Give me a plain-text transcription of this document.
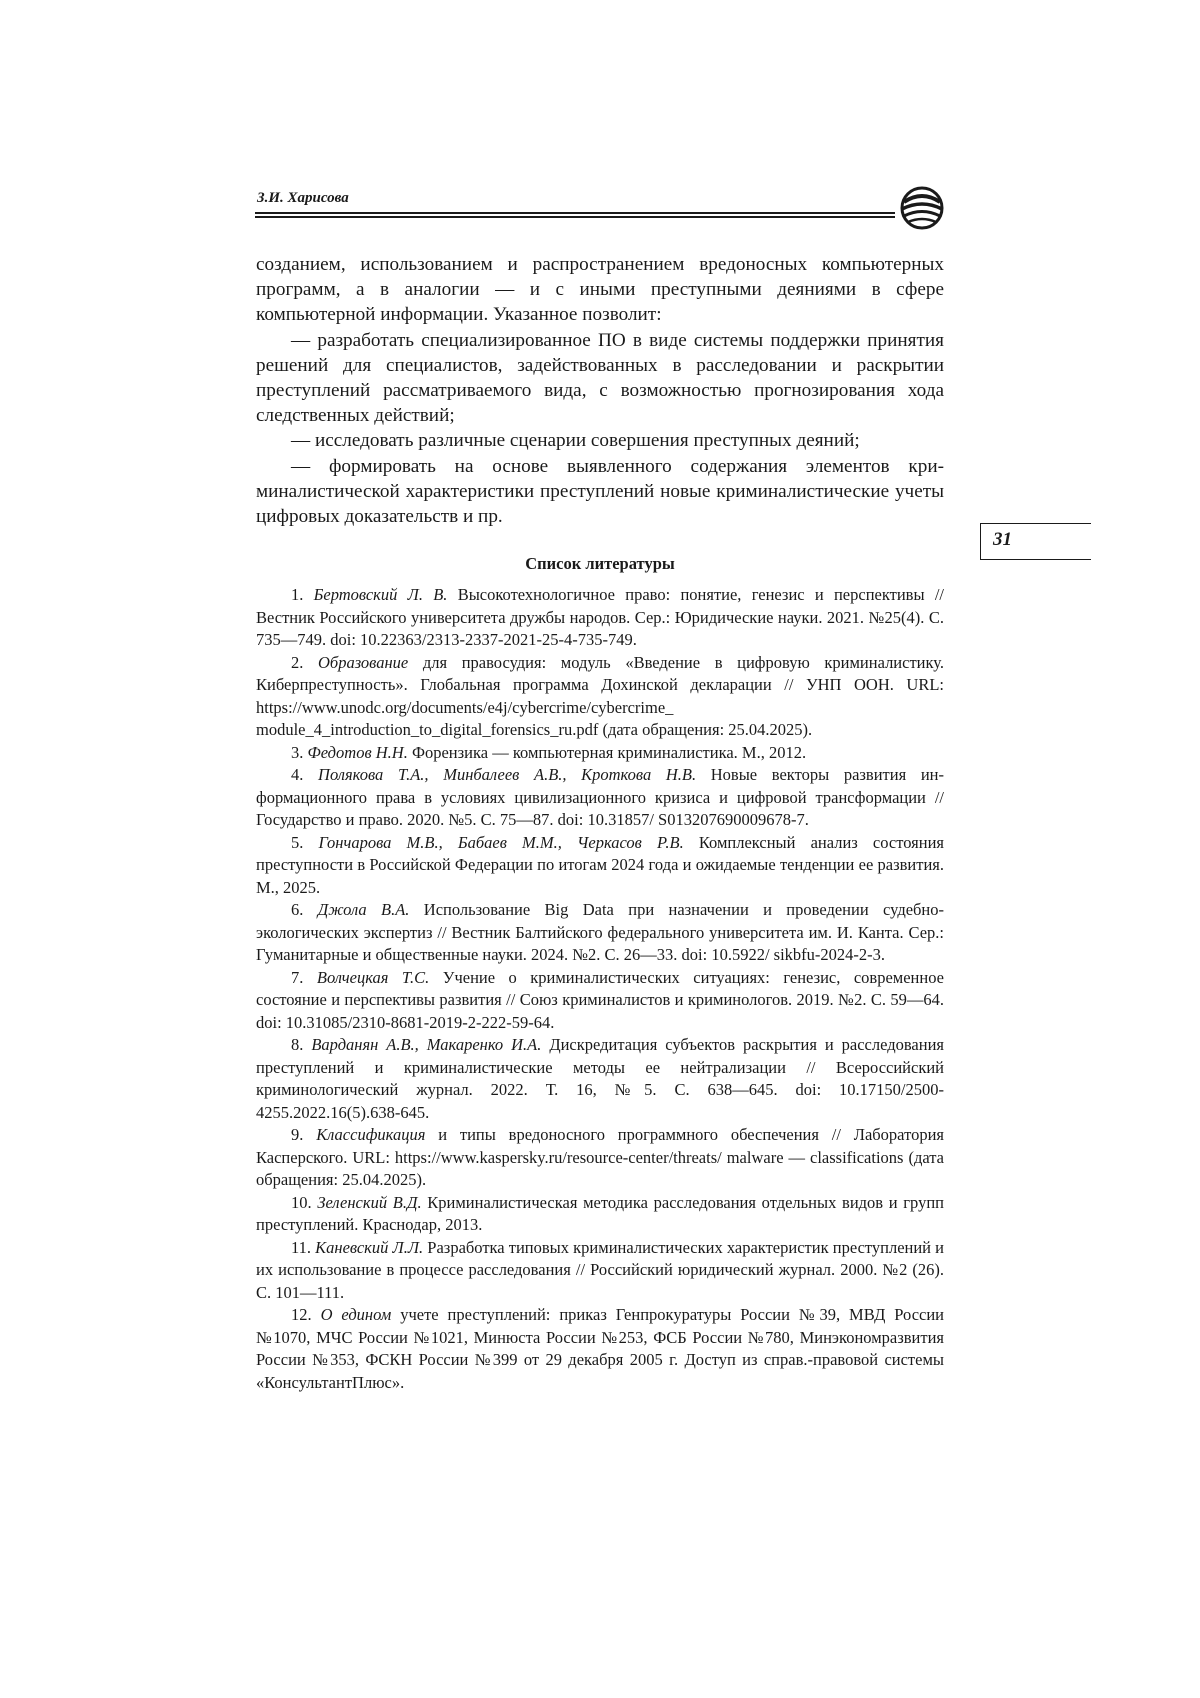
З.И. Харисова

созданием, использованием и распространением вредоносных компьютерных программ, а в аналогии — и с иными преступными деяниями в сфере компьютерной информации. Указанное позволит:

— разработать специализированное ПО в виде системы поддержки принятия решений для специалистов, задействованных в расследовании и раскрытии преступлений рассматриваемого вида, с возможностью прогнозирования хода следственных действий;

— исследовать различные сценарии совершения преступных деяний;

— формировать на основе выявленного содержания элементов криминалистической характеристики преступлений новые криминалистические учеты цифровых доказательств и пр.

31
Список литературы

1. Бертовский Л. В. Высокотехнологичное право: понятие, генезис и перспективы // Вестник Российского университета дружбы народов. Сер.: Юридические науки. 2021. №25(4). С. 735—749. doi: 10.22363/2313-2337-2021-25-4-735-749.

2. Образование для правосудия: модуль «Введение в цифровую криминалистику. Киберпреступность». Глобальная программа Дохинской декларации // УНП ООН. URL: https://www.unodc.org/documents/e4j/cybercrime/cybercrime_ module_4_introduction_to_digital_forensics_ru.pdf (дата обращения: 25.04.2025).

3. Федотов Н.Н. Форензика — компьютерная криминалистика. М., 2012.

4. Полякова Т.А., Минбалеев А.В., Кроткова Н.В. Новые векторы развития информационного права в условиях цивилизационного кризиса и цифровой трансформации // Государство и право. 2020. №5. С. 75—87. doi: 10.31857/ S013207690009678-7.

5. Гончарова М.В., Бабаев М.М., Черкасов Р.В. Комплексный анализ состояния преступности в Российской Федерации по итогам 2024 года и ожидаемые тенденции ее развития. М., 2025.

6. Джола В.А. Использование Big Data при назначении и проведении судебно-экологических экспертиз // Вестник Балтийского федерального университета им. И. Канта. Сер.: Гуманитарные и общественные науки. 2024. №2. С. 26—33. doi: 10.5922/ sikbfu-2024-2-3.

7. Волчецкая Т.С. Учение о криминалистических ситуациях: генезис, современное состояние и перспективы развития // Союз криминалистов и криминологов. 2019. №2. С. 59—64. doi: 10.31085/2310-8681-2019-2-222-59-64.

8. Варданян А.В., Макаренко И.А. Дискредитация субъектов раскрытия и расследования преступлений и криминалистические методы ее нейтрализации // Всероссийский криминологический журнал. 2022. Т. 16, №5. С. 638—645. doi: 10.17150/2500-4255.2022.16(5).638-645.

9. Классификация и типы вредоносного программного обеспечения // Лаборатория Касперского. URL: https://www.kaspersky.ru/resource-center/threats/ malware — classifications (дата обращения: 25.04.2025).

10. Зеленский В.Д. Криминалистическая методика расследования отдельных видов и групп преступлений. Краснодар, 2013.

11. Каневский Л.Л. Разработка типовых криминалистических характеристик преступлений и их использование в процессе расследования // Российский юридический журнал. 2000. №2 (26). С. 101—111.

12. О едином учете преступлений: приказ Генпрокуратуры России №39, МВД России №1070, МЧС России №1021, Минюста России №253, ФСБ России №780, Минэкономразвития России №353, ФСКН России №399 от 29 декабря 2005 г. Доступ из справ.-правовой системы «КонсультантПлюс».
